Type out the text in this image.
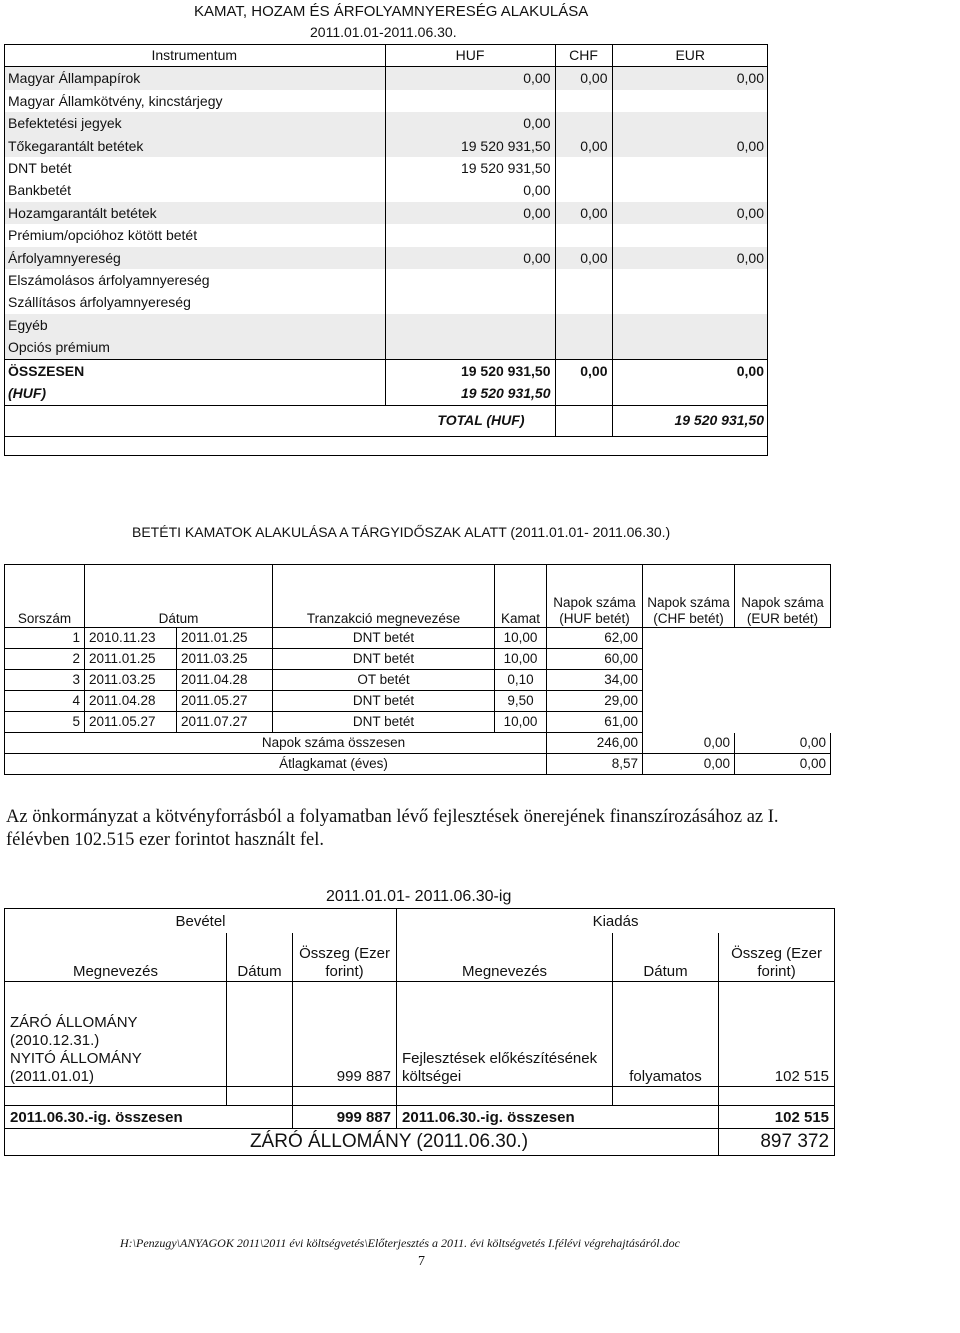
KAMAT, HOZAM ÉS ÁRFOLYAMNYERESÉG ALAKULÁSA
2011.01.01-2011.06.30.
Instrumentum	HUF	CHF	EUR
Magyar Állampapírok	0,00	0,00	0,00
Magyar Államkötvény, kincstárjegy			
Befektetési jegyek	0,00		
Tőkegarantált betétek	19 520 931,50	0,00	0,00
DNT betét	19 520 931,50		
Bankbetét	0,00		
Hozamgarantált betétek	0,00	0,00	0,00
Prémium/opcióhoz kötött betét			
Árfolyamnyereség	0,00	0,00	0,00
Elszámolásos árfolyamnyereség			
Szállításos árfolyamnyereség			
Egyéb			
Opciós prémium			
ÖSSZESEN	19 520 931,50	0,00	0,00
(HUF)	19 520 931,50		
TOTAL (HUF)			19 520 931,50
BETÉTI KAMATOK ALAKULÁSA A TÁRGYIDŐSZAK ALATT (2011.01.01- 2011.06.30.)
Sorszám	Dátum		Tranzakció megnevezése	Kamat	Napok száma (HUF betét)	Napok száma (CHF betét)	Napok száma (EUR betét)
1	2010.11.23	2011.01.25	DNT betét	10,00	62,00		
2	2011.01.25	2011.03.25	DNT betét	10,00	60,00		
3	2011.03.25	2011.04.28	OT betét	0,10	34,00		
4	2011.04.28	2011.05.27	DNT betét	9,50	29,00		
5	2011.05.27	2011.07.27	DNT betét	10,00	61,00		
Napok száma összesen					246,00	0,00	0,00
Átlagkamat (éves)					8,57	0,00	0,00
Az önkormányzat a kötvényforrásból a folyamatban lévő fejlesztések önerejének finanszírozásához az I. félévben 102.515 ezer forintot használt fel.
2011.01.01- 2011.06.30-ig
Bevétel			Kiadás		
Megnevezés	Dátum	Összeg (Ezer forint)	Megnevezés	Dátum	Összeg (Ezer forint)

ZÁRÓ ÁLLOMÁNY (2010.12.31.)
NYITÓ ÁLLOMÁNY (2011.01.01)		999 887	Fejlesztések előkészítésének költségei	folyamatos	102 515

2011.06.30.-ig. összesen		999 887	2011.06.30.-ig. összesen		102 515
ZÁRÓ ÁLLOMÁNY (2011.06.30.)					897 372
H:\Penzugy\ANYAGOK 2011\2011 évi költségvetés\Előterjesztés a 2011. évi költségvetés I.félévi végrehajtásáról.doc
7
